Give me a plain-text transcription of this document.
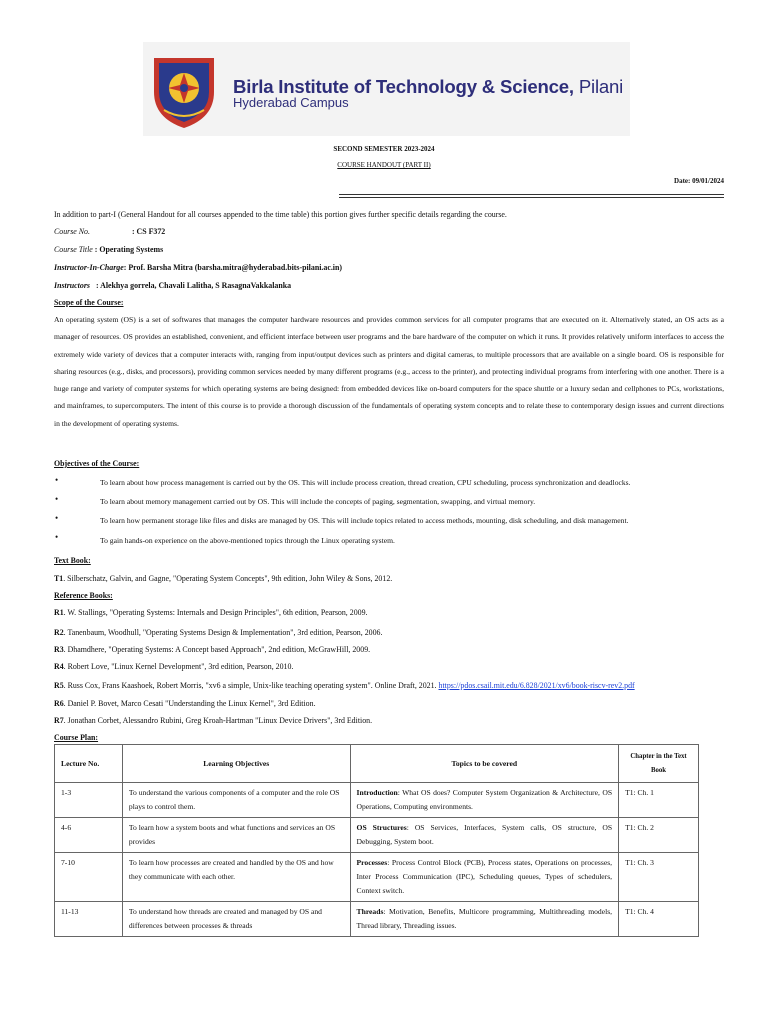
Birla Institute of Technology & Science, Pilani
Hyderabad Campus
SECOND SEMESTER 2023-2024
COURSE HANDOUT (PART II)
Date: 09/01/2024
In addition to part-I (General Handout for all courses appended to the time table) this portion gives further specific details regarding the course.
Course No.	: CS F372
Course Title : Operating Systems
Instructor-In-Charge: Prof. Barsha Mitra (barsha.mitra@hyderabad.bits-pilani.ac.in)
Instructors : Alekhya gorrela, Chavali Lalitha, S RasagnaVakkalanka
Scope of the Course:
An operating system (OS) is a set of softwares that manages the computer hardware resources and provides common services for all computer programs that are executed on it. Alternatively stated, an OS acts as a manager of resources. OS provides an established, convenient, and efficient interface between user programs and the bare hardware of the computer on which it runs. It provides relatively uniform interfaces to access the extremely wide variety of devices that a computer interacts with, ranging from input/output devices such as printers and digital cameras, to multiple processors that are available on a single board. OS is responsible for sharing resources (e.g., disks, and processors), providing common services needed by many different programs (e.g., access to the printer), and protecting individual programs from interfering with one another. There is a huge range and variety of computer systems for which operating systems are being designed: from embedded devices like on-board computers for the space shuttle or a luxury sedan and cellphones to PCs, workstations, and mainframes, to supercomputers. The intent of this course is to provide a thorough discussion of the fundamentals of operating system concepts and to relate these to contemporary design issues and current directions in the development of operating systems.
Objectives of the Course:
•	To learn about how process management is carried out by the OS. This will include process creation, thread creation, CPU scheduling, process synchronization and deadlocks.
•	To learn about memory management carried out by OS. This will include the concepts of paging, segmentation, swapping, and virtual memory.
•	To learn how permanent storage like files and disks are managed by OS. This will include topics related to access methods, mounting, disk scheduling, and disk management.
•	To gain hands-on experience on the above-mentioned topics through the Linux operating system.
Text Book:
T1. Silberschatz, Galvin, and Gagne, "Operating System Concepts", 9th edition, John Wiley & Sons, 2012.
Reference Books:
R1. W. Stallings, "Operating Systems: Internals and Design Principles", 6th edition, Pearson, 2009.
R2. Tanenbaum, Woodhull, "Operating Systems Design & Implementation", 3rd edition, Pearson, 2006.
R3. Dhamdhere, "Operating Systems: A Concept based Approach", 2nd edition, McGrawHill, 2009.
R4. Robert Love, "Linux Kernel Development", 3rd edition, Pearson, 2010.
R5. Russ Cox, Frans Kaashoek, Robert Morris, "xv6 a simple, Unix-like teaching operating system". Online Draft, 2021. https://pdos.csail.mit.edu/6.828/2021/xv6/book-riscv-rev2.pdf
R6. Daniel P. Bovet, Marco Cesati "Understanding the Linux Kernel", 3rd Edition.
R7. Jonathan Corbet, Alessandro Rubini, Greg Kroah-Hartman "Linux Device Drivers", 3rd Edition.
Course Plan:
Lecture No.	Learning Objectives	Topics to be covered	Chapter in the Text Book
1-3	To understand the various components of a computer and the role OS plays to control them.	Introduction: What OS does? Computer System Organization & Architecture, OS Operations, Computing environments.	T1: Ch. 1
4-6	To learn how a system boots and what functions and services an OS provides	OS Structures: OS Services, Interfaces, System calls, OS structure, OS Debugging, System boot.	T1: Ch. 2
7-10	To learn how processes are created and handled by the OS and how they communicate with each other.	Processes: Process Control Block (PCB), Process states, Operations on processes, Inter Process Communication (IPC), Scheduling queues, Types of schedulers, Context switch.	T1: Ch. 3
11-13	To understand how threads are created and managed by OS and differences between processes & threads	Threads: Motivation, Benefits, Multicore programming, Multithreading models, Thread library, Threading issues.	T1: Ch. 4
